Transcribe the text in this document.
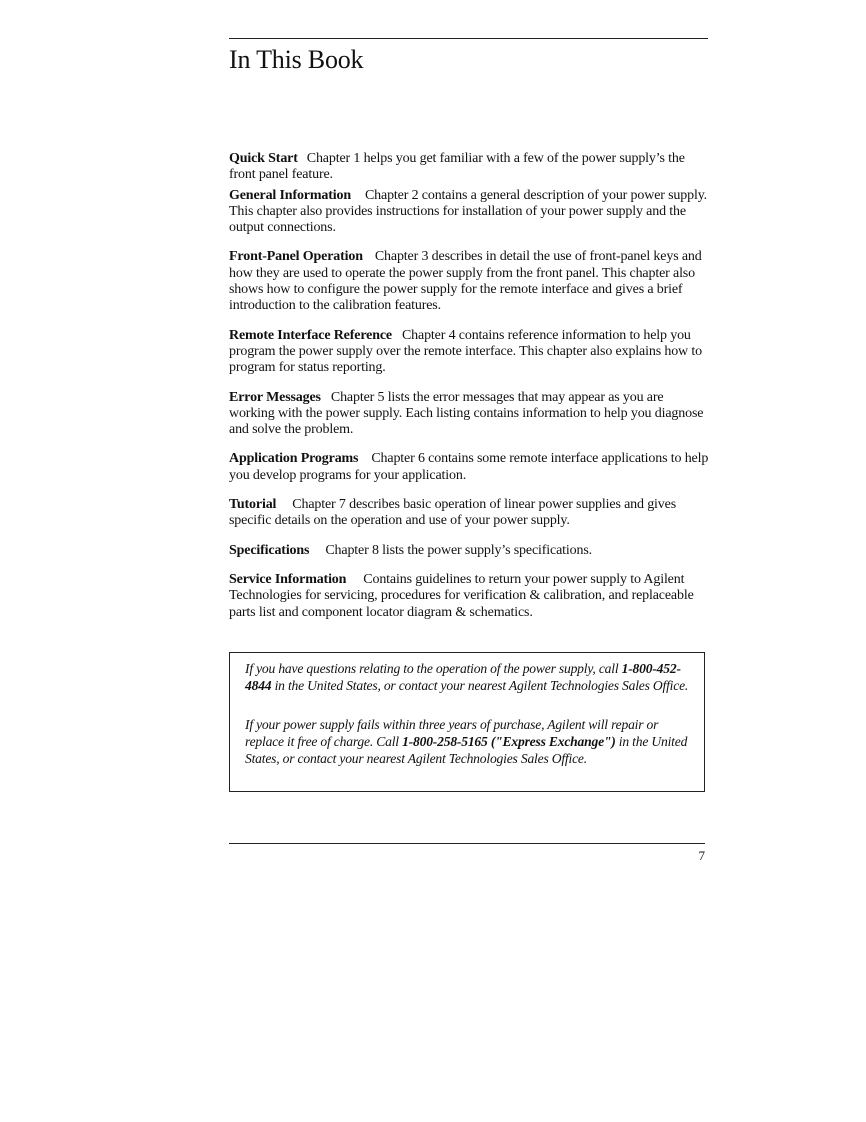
In This Book

Quick Start Chapter 1 helps you get familiar with a few of the power supply’s the front panel feature.

General Information Chapter 2 contains a general description of your power supply. This chapter also provides instructions for installation of your power supply and the output connections.

Front-Panel Operation Chapter 3 describes in detail the use of front-panel keys and how they are used to operate the power supply from the front panel. This chapter also shows how to configure the power supply for the remote interface and gives a brief introduction to the calibration features.

Remote Interface Reference Chapter 4 contains reference information to help you program the power supply over the remote interface. This chapter also explains how to program for status reporting.

Error Messages Chapter 5 lists the error messages that may appear as you are working with the power supply. Each listing contains information to help you diagnose and solve the problem.

Application Programs Chapter 6 contains some remote interface applications to help you develop programs for your application.

Tutorial Chapter 7 describes basic operation of linear power supplies and gives specific details on the operation and use of your power supply.

Specifications Chapter 8 lists the power supply’s specifications.

Service Information Contains guidelines to return your power supply to Agilent Technologies for servicing, procedures for verification & calibration, and replaceable parts list and component locator diagram & schematics.

If you have questions relating to the operation of the power supply, call 1-800-452-4844 in the United States, or contact your nearest Agilent Technologies Sales Office.

If your power supply fails within three years of purchase, Agilent will repair or replace it free of charge. Call 1-800-258-5165 ("Express Exchange") in the United States, or contact your nearest Agilent Technologies Sales Office.

7
